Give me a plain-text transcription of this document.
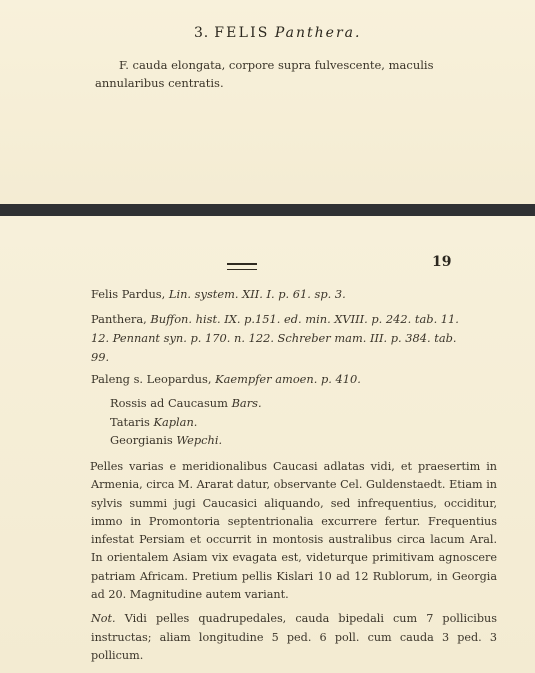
3. FELIS Panthera.
F. cauda elongata, corpore supra fulvescente, maculis annularibus centratis.
19
Felis Pardus, Lin. system. XII. I. p. 61. sp. 3.
Panthera, Buffon. hist. IX. p.151. ed. min. XVIII. p. 242. tab. 11. 12. Pennant syn. p. 170. n. 122. Schreber mam. III. p. 384. tab. 99.
Paleng s. Leopardus, Kaempfer amoen. p. 410.
Rossis ad Caucasum Bars.
Tataris Kaplan.
Georgianis Wepchi.
Pelles varias e meridionalibus Caucasi adlatas vidi, et praesertim in Armenia, circa M. Ararat datur, observante Cel. Guldenstaedt. Etiam in sylvis summi jugi Caucasici aliquando, sed infrequentius, occiditur, immo in Promontoria septentrionalia excurrere fertur. Frequentius infestat Persiam et occurrit in montosis australibus circa lacum Aral. In orientalem Asiam vix evagata est, videturque primitivam agnoscere patriam Africam. Pretium pellis Kislari 10 ad 12 Rublorum, in Georgia ad 20. Magnitudine autem variant.
Not. Vidi pelles quadrupedales, cauda bipedali cum 7 pollicibus instructas; aliam longitudine 5 ped. 6 poll. cum cauda 3 ped. 3 pollicum.
